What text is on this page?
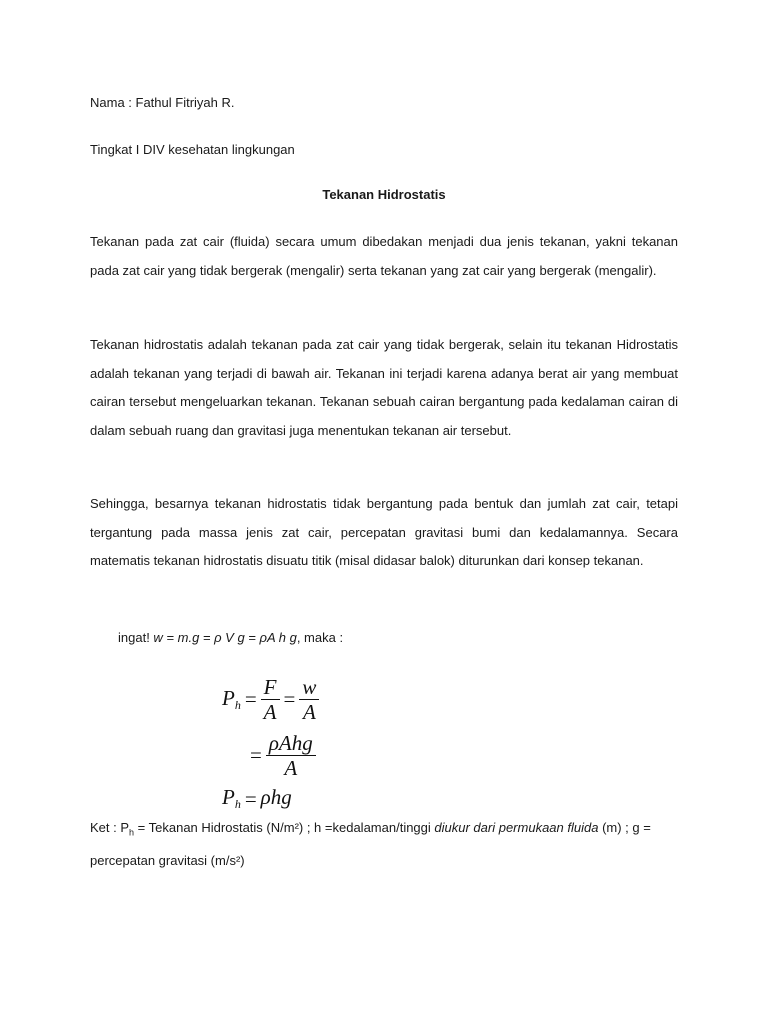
Nama : Fathul Fitriyah R.
Tingkat I DIV kesehatan lingkungan
Tekanan Hidrostatis

Tekanan pada zat cair (fluida) secara umum dibedakan menjadi dua jenis tekanan, yakni tekanan pada zat cair yang tidak bergerak (mengalir) serta tekanan yang zat cair yang bergerak (mengalir).

Tekanan hidrostatis adalah tekanan pada zat cair yang tidak bergerak, selain itu tekanan Hidrostatis adalah tekanan yang terjadi di bawah air. Tekanan ini terjadi karena adanya berat air yang membuat cairan tersebut mengeluarkan tekanan. Tekanan sebuah cairan bergantung pada kedalaman cairan di dalam sebuah ruang dan gravitasi juga menentukan tekanan air tersebut.

Sehingga, besarnya tekanan hidrostatis tidak bergantung pada bentuk dan jumlah zat cair, tetapi tergantung pada massa jenis zat cair, percepatan gravitasi bumi dan kedalamannya. Secara matematis tekanan hidrostatis disuatu titik (misal didasar balok) diturunkan dari konsep tekanan.

ingat! w = m.g = ρ V g = ρA h g, maka :
$P_h = \frac{F}{A} = \frac{w}{A}$
= $\frac{\text{ρAhg}}{A}$
$P_h = \rho hg$
Ket : $P_h$ = Tekanan Hidrostatis (N/m²) ; h =kedalaman/tinggi diukur dari permukaan fluida (m) ; g = percepatan gravitasi (m/s²)
